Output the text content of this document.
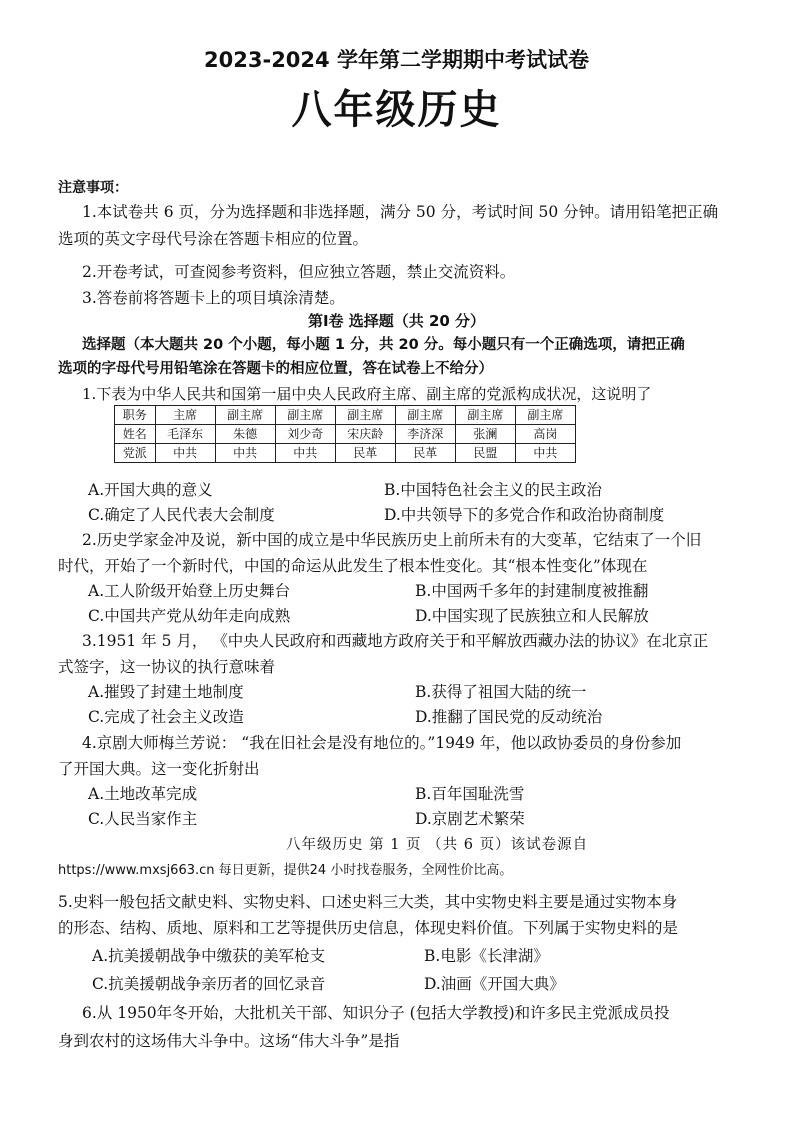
2023-2024 学年第二学期期中考试试卷
八年级历史
注意事项：
1.本试卷共 6 页，分为选择题和非选择题，满分 50 分，考试时间 50 分钟。请用铅笔把正确
选项的英文字母代号涂在答题卡相应的位置。
2.开卷考试，可查阅参考资料，但应独立答题，禁止交流资料。
3.答卷前将答题卡上的项目填涂清楚。
第Ⅰ卷 选择题（共 20 分）
选择题（本大题共 20 个小题，每小题 1 分，共 20 分。每小题只有一个正确选项，请把正确
选项的字母代号用铅笔涂在答题卡的相应位置，答在试卷上不给分）
1.下表为中华人民共和国第一届中央人民政府主席、副主席的党派构成状况，这说明了
职务	主席	副主席	副主席	副主席	副主席	副主席	副主席
姓名	毛泽东	朱德	刘少奇	宋庆龄	李济深	张澜	高岗
党派	中共	中共	中共	民革	民革	民盟	中共
A.开国大典的意义	B.中国特色社会主义的民主政治
C.确定了人民代表大会制度	D.中共领导下的多党合作和政治协商制度
2.历史学家金冲及说，新中国的成立是中华民族历史上前所未有的大变革，它结束了一个旧
时代，开始了一个新时代，中国的命运从此发生了根本性变化。其“根本性变化”体现在
A.工人阶级开始登上历史舞台	B.中国两千多年的封建制度被推翻
C.中国共产党从幼年走向成熟	D.中国实现了民族独立和人民解放
3.1951 年 5 月， 《中央人民政府和西藏地方政府关于和平解放西藏办法的协议》在北京正
式签字，这一协议的执行意味着
A.摧毁了封建土地制度	B.获得了祖国大陆的统一
C.完成了社会主义改造	D.推翻了国民党的反动统治
4.京剧大师梅兰芳说： “我在旧社会是没有地位的。”1949 年，他以政协委员的身份参加
了开国大典。这一变化折射出
A.土地改革完成	B.百年国耻洗雪
C.人民当家作主	D.京剧艺术繁荣
八年级历史 第 1 页 （共 6 页）该试卷源自
https://www.mxsj663.cn 每日更新，提供24 小时找卷服务，全网性价比高。
5.史料一般包括文献史料、实物史料、口述史料三大类，其中实物史料主要是通过实物本身
的形态、结构、质地、原料和工艺等提供历史信息，体现史料价值。下列属于实物史料的是
A.抗美援朝战争中缴获的美军枪支	B.电影《长津湖》
C.抗美援朝战争亲历者的回忆录音	D.油画《开国大典》
6.从 1950年冬开始，大批机关干部、知识分子 (包括大学教授)和许多民主党派成员投
身到农村的这场伟大斗争中。这场“伟大斗争”是指
